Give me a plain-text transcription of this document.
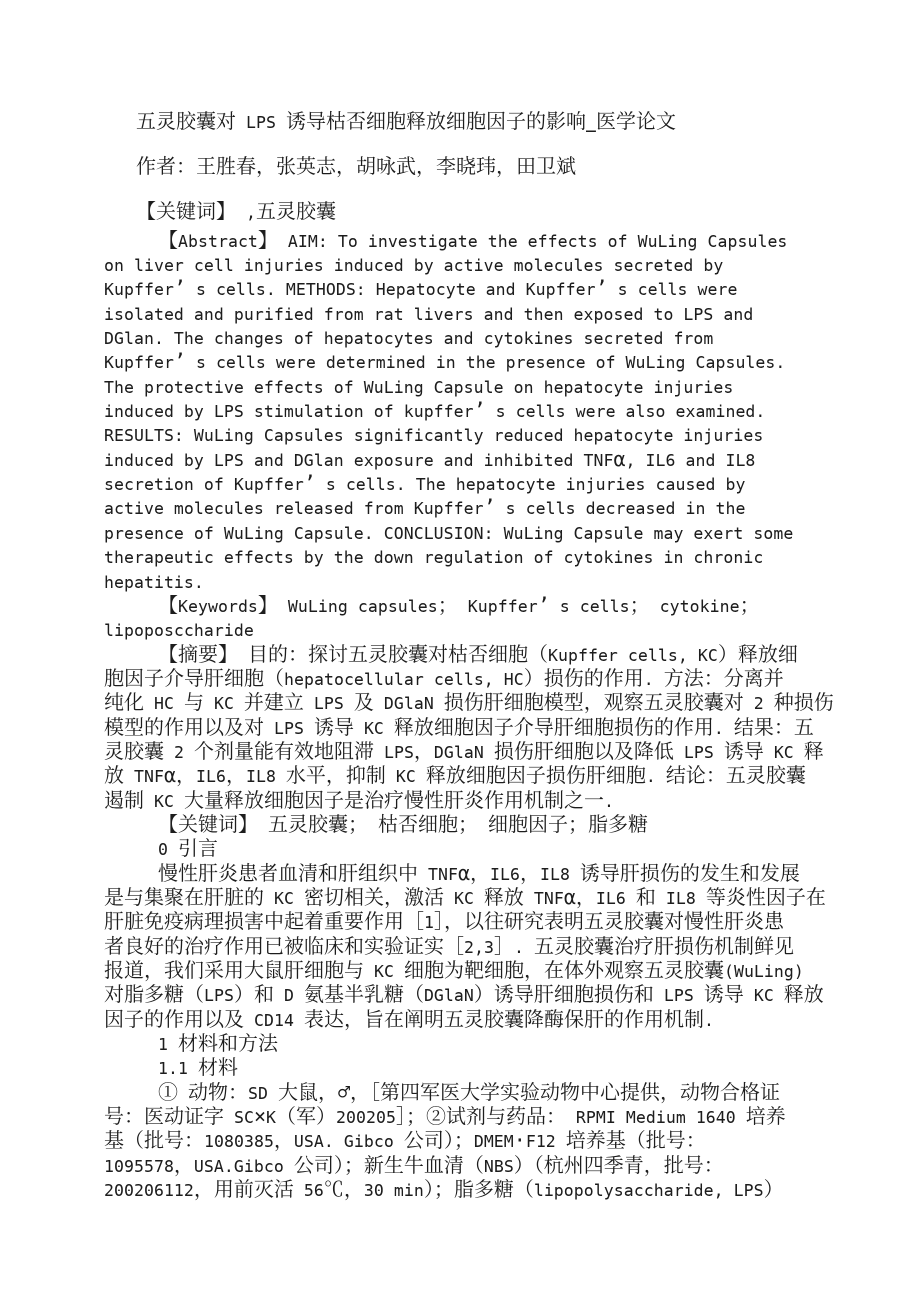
五灵胶囊对 LPS 诱导枯否细胞释放细胞因子的影响_医学论文
作者：王胜春，张英志，胡咏武，李晓玮，田卫斌
【关键词】 ,五灵胶囊
【Abstract】 AIM: To investigate the effects of WuLing Capsules
on liver cell injuries induced by active molecules secreted by
Kupffer’ s cells. METHODS: Hepatocyte and Kupffer’ s cells were
isolated and purified from rat livers and then exposed to LPS and
DGlan. The changes of hepatocytes and cytokines secreted from
Kupffer’ s cells were determined in the presence of WuLing Capsules.
The protective effects of WuLing Capsule on hepatocyte injuries
induced by LPS stimulation of kupffer’ s cells were also examined.
RESULTS: WuLing Capsules significantly reduced hepatocyte injuries
induced by LPS and DGlan exposure and inhibited TNFα, IL6 and IL8
secretion of Kupffer’ s cells. The hepatocyte injuries caused by
active molecules released from Kupffer’ s cells decreased in the
presence of WuLing Capsule. CONCLUSION: WuLing Capsule may exert some
therapeutic effects by the down regulation of cytokines in chronic
hepatitis.
【Keywords】 WuLing capsules； Kupffer’ s cells； cytokine；
lipoposccharide
【摘要】 目的：探讨五灵胶囊对枯否细胞（Kupffer cells, KC）释放细
胞因子介导肝细胞（hepatocellular cells, HC）损伤的作用. 方法：分离并
纯化 HC 与 KC 并建立 LPS 及 DGlaN 损伤肝细胞模型，观察五灵胶囊对 2 种损伤
模型的作用以及对 LPS 诱导 KC 释放细胞因子介导肝细胞损伤的作用. 结果：五
灵胶囊 2 个剂量能有效地阻滞 LPS，DGlaN 损伤肝细胞以及降低 LPS 诱导 KC 释
放 TNFα，IL6，IL8 水平，抑制 KC 释放细胞因子损伤肝细胞. 结论：五灵胶囊
遏制 KC 大量释放细胞因子是治疗慢性肝炎作用机制之一.
【关键词】 五灵胶囊； 枯否细胞； 细胞因子；脂多糖
0 引言
慢性肝炎患者血清和肝组织中 TNFα，IL6，IL8 诱导肝损伤的发生和发展
是与集聚在肝脏的 KC 密切相关，激活 KC 释放 TNFα，IL6 和 IL8 等炎性因子在
肝脏免疫病理损害中起着重要作用［1］，以往研究表明五灵胶囊对慢性肝炎患
者良好的治疗作用已被临床和实验证实［2,3］. 五灵胶囊治疗肝损伤机制鲜见
报道，我们采用大鼠肝细胞与 KC 细胞为靶细胞，在体外观察五灵胶囊(WuLing)
对脂多糖（LPS）和 D 氨基半乳糖（DGlaN）诱导肝细胞损伤和 LPS 诱导 KC 释放
因子的作用以及 CD14 表达，旨在阐明五灵胶囊降酶保肝的作用机制.
1 材料和方法
1.1 材料
① 动物：SD 大鼠，♂，［第四军医大学实验动物中心提供，动物合格证
号：医动证字 SC×K（军）200205］；②试剂与药品： RPMI Medium 1640 培养
基（批号：1080385，USA. Gibco 公司）；DMEM·F12 培养基（批号：
1095578，USA.Gibco 公司）；新生牛血清（NBS）（杭州四季青，批号：
200206112，用前灭活 56℃，30 min）；脂多糖（lipopolysaccharide, LPS）
